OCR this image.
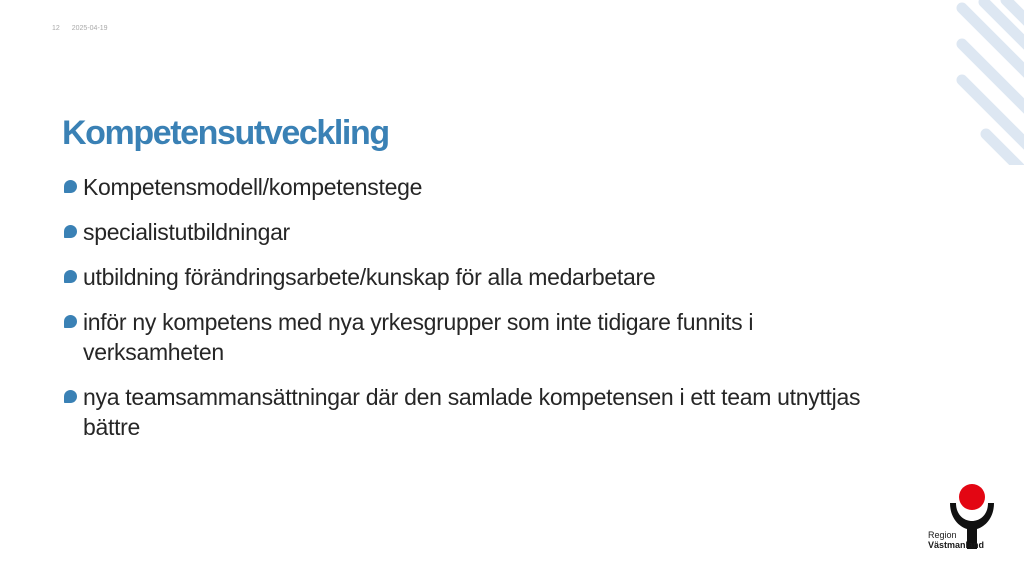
12 2025-04-19
Kompetensutveckling
Kompetensmodell/kompetenstege
specialistutbildningar
utbildning förändringsarbete/kunskap för alla medarbetare
inför ny kompetens med nya yrkesgrupper som inte tidigare funnits i verksamheten
nya teamsammansättningar där den samlade kompetensen i ett team utnyttjas bättre
Region
Västmanland
